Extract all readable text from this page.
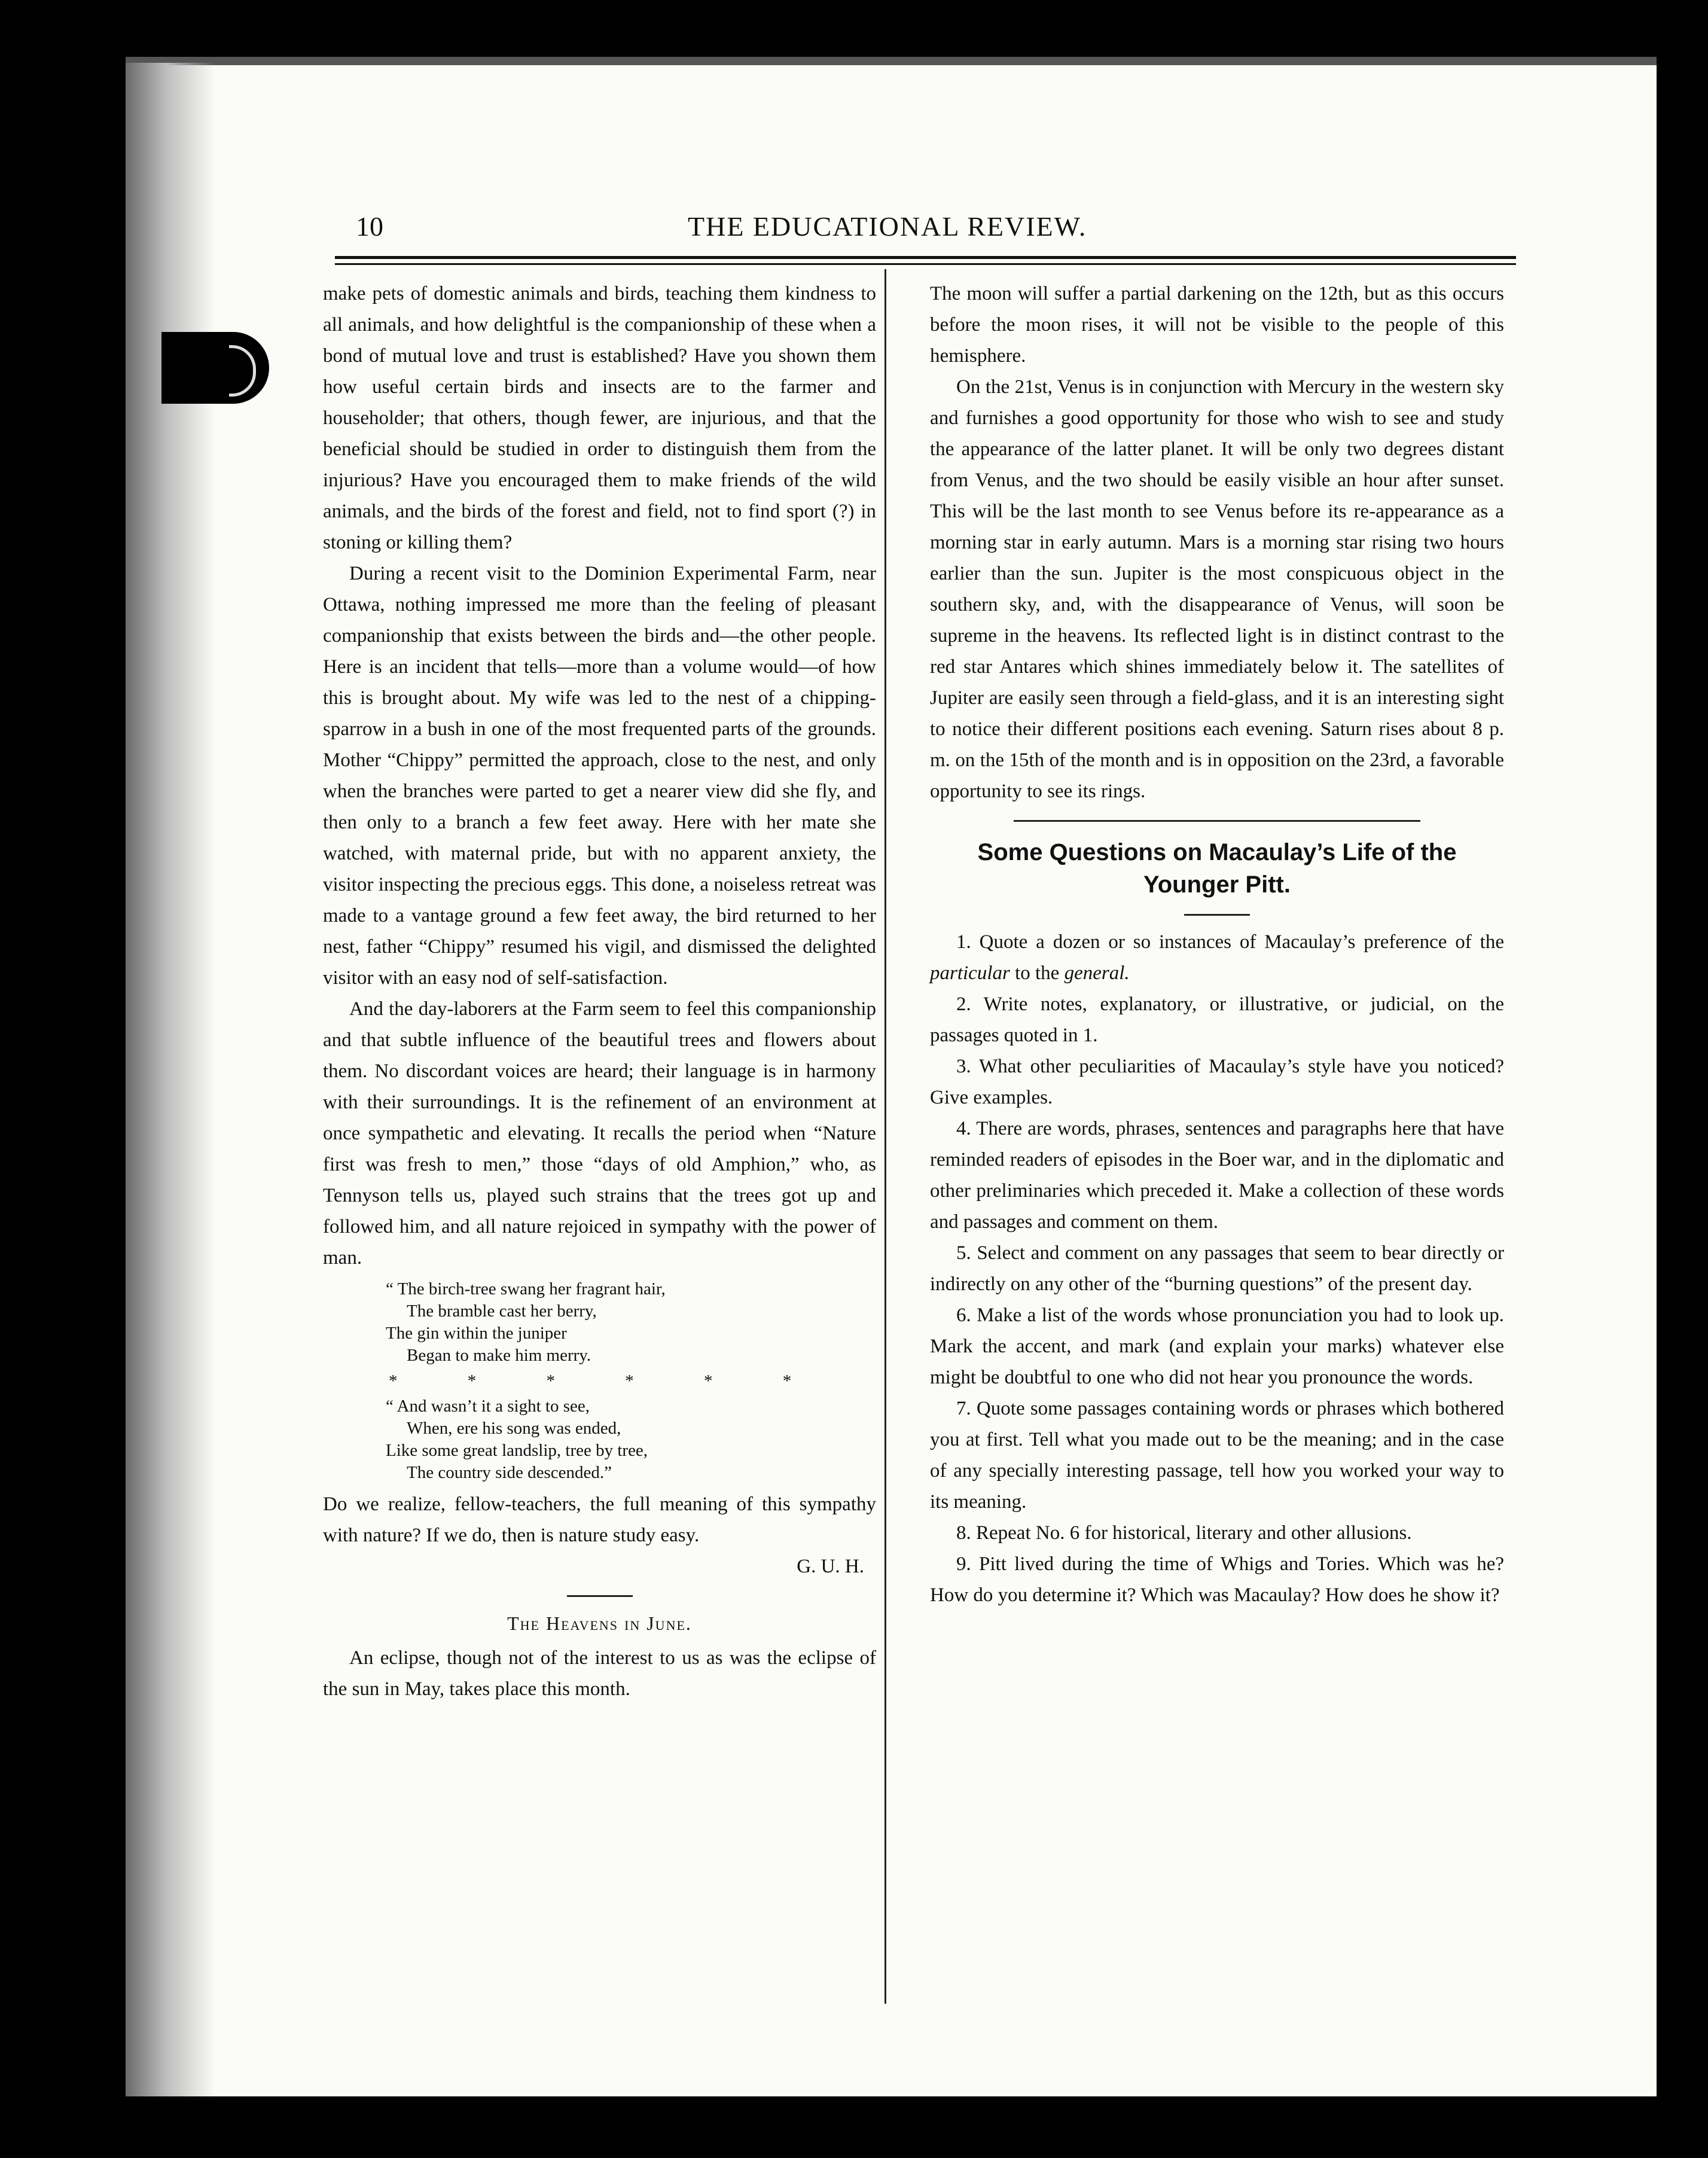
10	THE EDUCATIONAL REVIEW.

make pets of domestic animals and birds, teaching them kindness to all animals, and how delightful is the companionship of these when a bond of mutual love and trust is established? Have you shown them how useful certain birds and insects are to the farmer and householder; that others, though fewer, are injurious, and that the beneficial should be studied in order to distinguish them from the injurious? Have you encouraged them to make friends of the wild animals, and the birds of the forest and field, not to find sport (?) in stoning or killing them?

During a recent visit to the Dominion Experimental Farm, near Ottawa, nothing impressed me more than the feeling of pleasant companionship that exists between the birds and—the other people. Here is an incident that tells—more than a volume would—of how this is brought about. My wife was led to the nest of a chipping-sparrow in a bush in one of the most frequented parts of the grounds. Mother “Chippy” permitted the approach, close to the nest, and only when the branches were parted to get a nearer view did she fly, and then only to a branch a few feet away. Here with her mate she watched, with maternal pride, but with no apparent anxiety, the visitor inspecting the precious eggs. This done, a noiseless retreat was made to a vantage ground a few feet away, the bird returned to her nest, father “Chippy” resumed his vigil, and dismissed the delighted visitor with an easy nod of self-satisfaction.

And the day-laborers at the Farm seem to feel this companionship and that subtle influence of the beautiful trees and flowers about them. No discordant voices are heard; their language is in harmony with their surroundings. It is the refinement of an environment at once sympathetic and elevating. It recalls the period when “Nature first was fresh to men,” those “days of old Amphion,” who, as Tennyson tells us, played such strains that the trees got up and followed him, and all nature rejoiced in sympathy with the power of man.

“ The birch-tree swang her fragrant hair,
The bramble cast her berry,
The gin within the juniper
Began to make him merry.
* * * * * *
“ And wasn’t it a sight to see,
When, ere his song was ended,
Like some great landslip, tree by tree,
The country side descended.”

Do we realize, fellow-teachers, the full meaning of this sympathy with nature? If we do, then is nature study easy.

G. U. H.
The Heavens in June.

An eclipse, though not of the interest to us as was the eclipse of the sun in May, takes place this month.

The moon will suffer a partial darkening on the 12th, but as this occurs before the moon rises, it will not be visible to the people of this hemisphere.

On the 21st, Venus is in conjunction with Mercury in the western sky and furnishes a good opportunity for those who wish to see and study the appearance of the latter planet. It will be only two degrees distant from Venus, and the two should be easily visible an hour after sunset. This will be the last month to see Venus before its re-appearance as a morning star in early autumn. Mars is a morning star rising two hours earlier than the sun. Jupiter is the most conspicuous object in the southern sky, and, with the disappearance of Venus, will soon be supreme in the heavens. Its reflected light is in distinct contrast to the red star Antares which shines immediately below it. The satellites of Jupiter are easily seen through a field-glass, and it is an interesting sight to notice their different positions each evening. Saturn rises about 8 p. m. on the 15th of the month and is in opposition on the 23rd, a favorable opportunity to see its rings.

Some Questions on Macaulay’s Life of the Younger Pitt.

1. Quote a dozen or so instances of Macaulay’s preference of the particular to the general.

2. Write notes, explanatory, or illustrative, or judicial, on the passages quoted in 1.

3. What other peculiarities of Macaulay’s style have you noticed? Give examples.

4. There are words, phrases, sentences and paragraphs here that have reminded readers of episodes in the Boer war, and in the diplomatic and other preliminaries which preceded it. Make a collection of these words and passages and comment on them.

5. Select and comment on any passages that seem to bear directly or indirectly on any other of the “burning questions” of the present day.

6. Make a list of the words whose pronunciation you had to look up. Mark the accent, and mark (and explain your marks) whatever else might be doubtful to one who did not hear you pronounce the words.

7. Quote some passages containing words or phrases which bothered you at first. Tell what you made out to be the meaning; and in the case of any specially interesting passage, tell how you worked your way to its meaning.

8. Repeat No. 6 for historical, literary and other allusions.

9. Pitt lived during the time of Whigs and Tories. Which was he? How do you determine it? Which was Macaulay? How does he show it?
